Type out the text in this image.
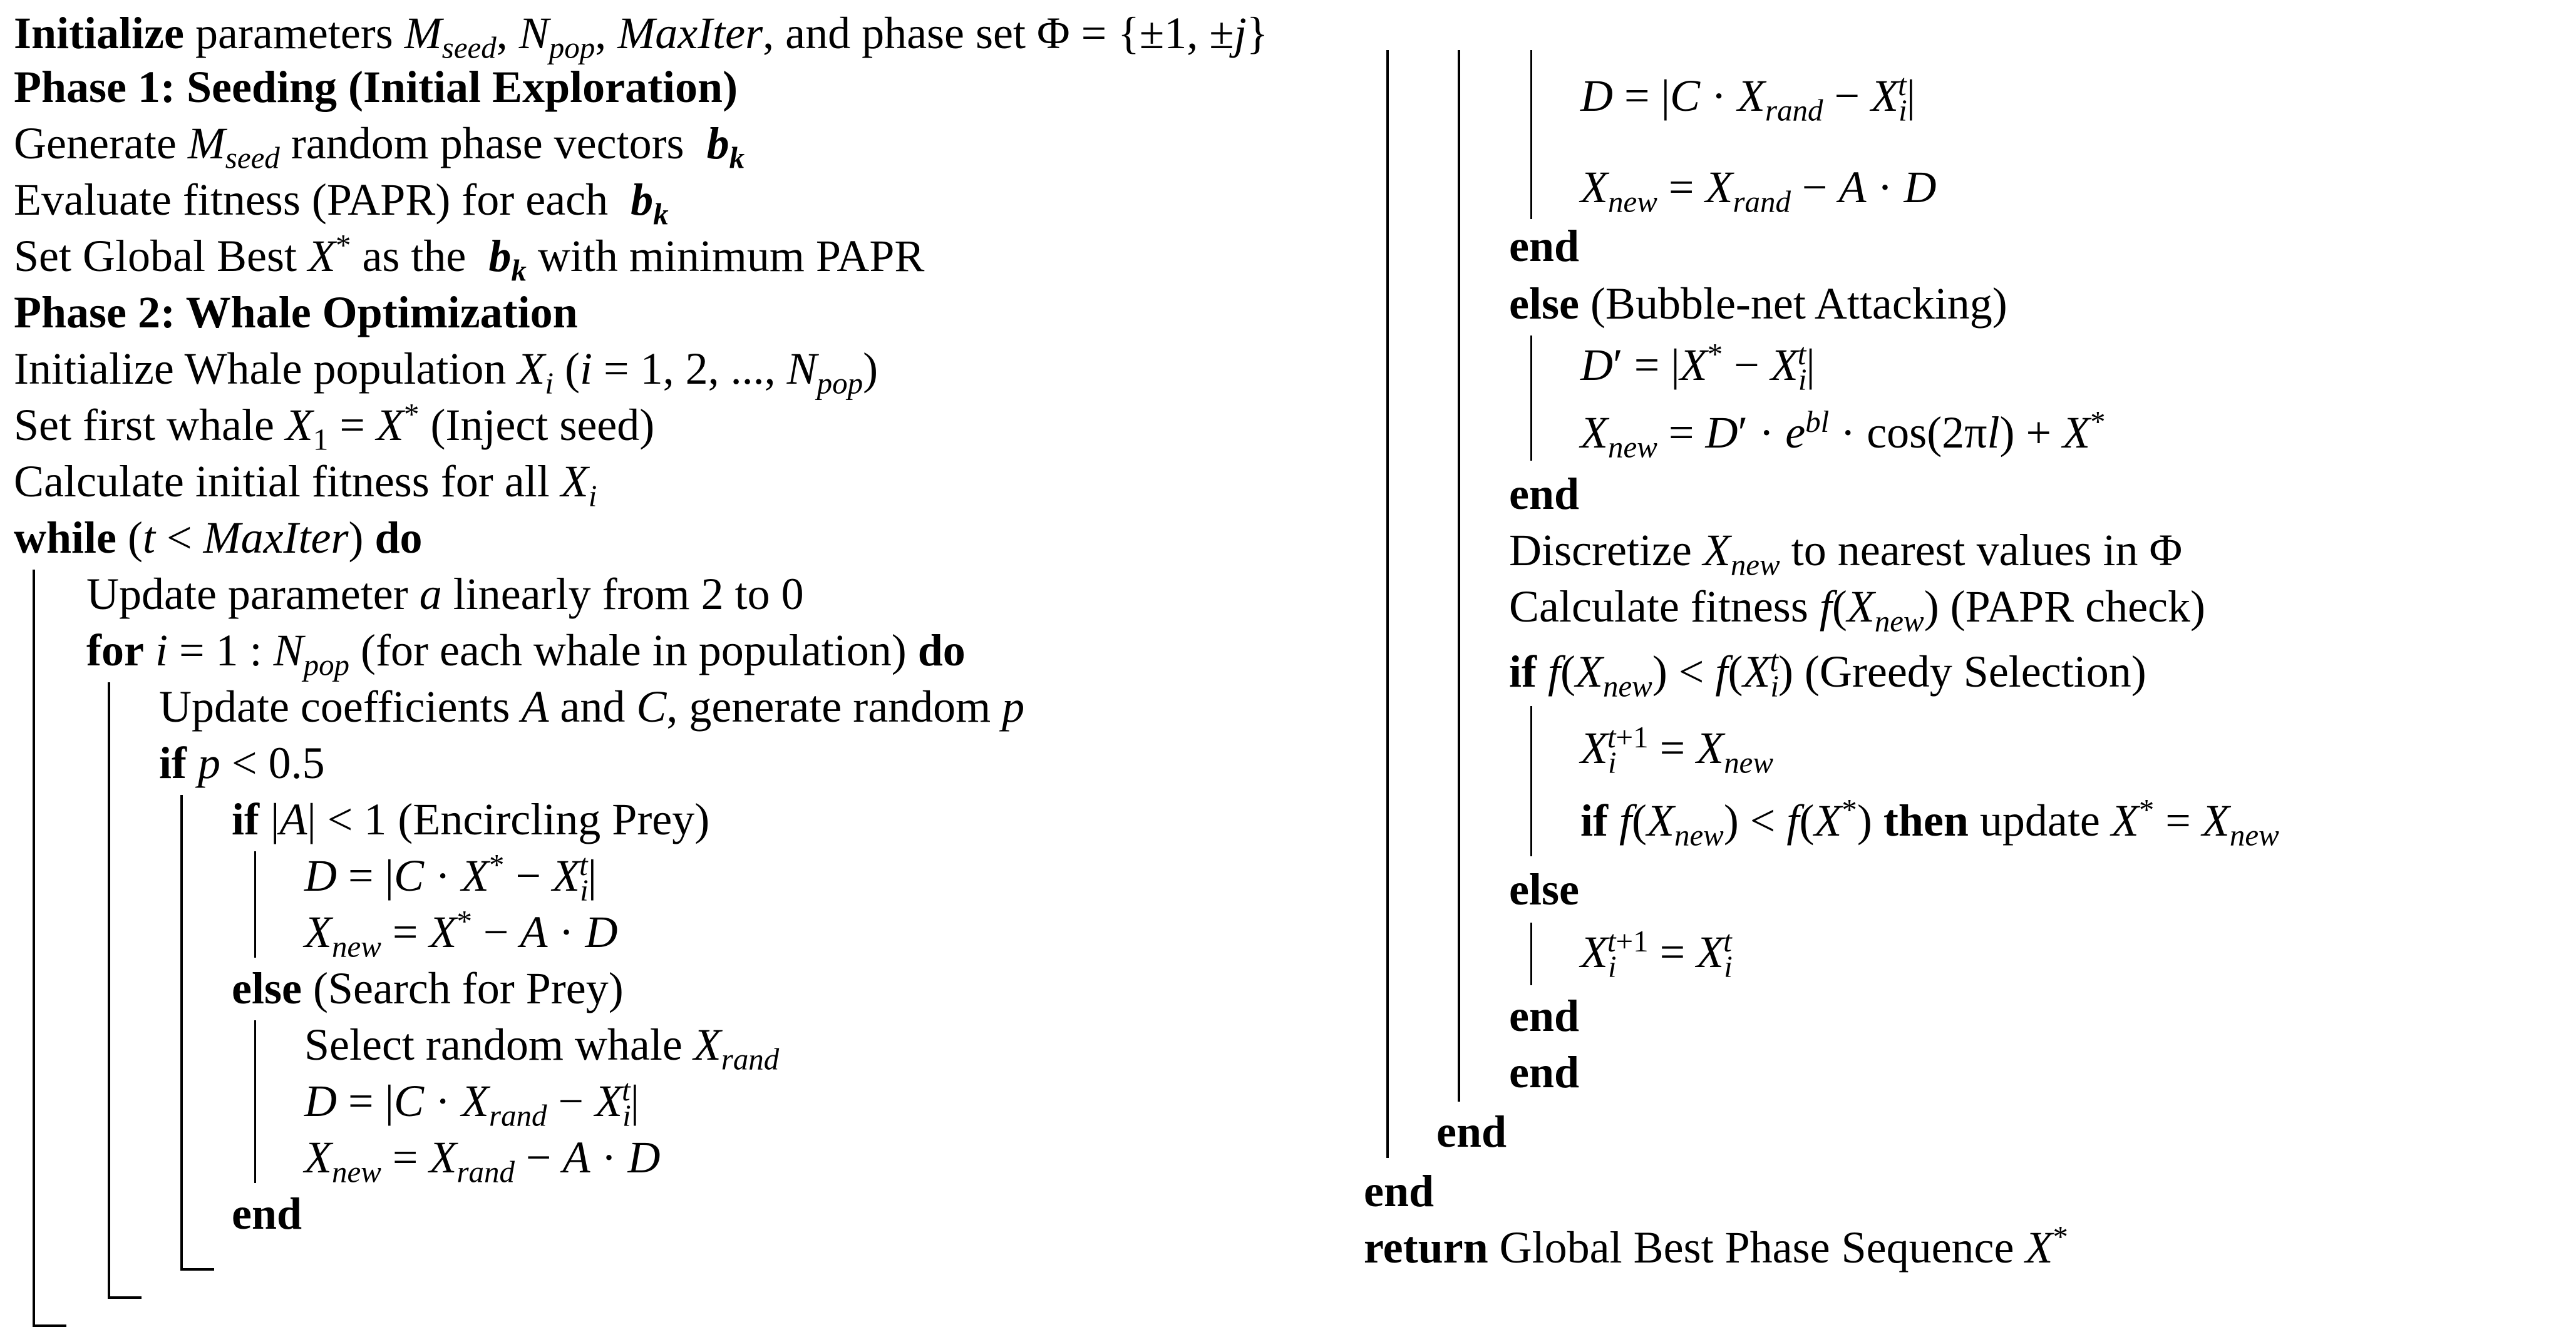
Initialize parameters $M_{seed}$, $N_{pop}$, MaxIter, and phase set Φ = {±1, ±j}
Phase 1: Seeding (Initial Exploration)
Generate $M_{seed}$ random phase vectors  $b_k$
Evaluate fitness (PAPR) for each  $b_k$
Set Global Best X* as the  $b_k$ with minimum PAPR
Phase 2: Whale Optimization
Initialize Whale population $X_i$ (i = 1, 2, ..., $N_{pop}$)
Set first whale $X_1 = X^*$ (Inject seed)
Calculate initial fitness for all $X_i$
while (t < MaxIter) do
Update parameter a linearly from 2 to 0
for i = 1 : $N_{pop}$ (for each whale in population) do
Update coefficients A and C, generate random p
if p < 0.5
if |A| < 1 (Encircling Prey)
$D = |C \cdot X^* - X_i^t|$
$X_{new} = X^* - A \cdot D$
else (Search for Prey)
Select random whale $X_{rand}$
$D = |C \cdot X_{rand} - X_i^t|$
$X_{new} = X_{rand} - A \cdot D$
end
$D = |C \cdot X_{rand} - X_i^t|$
$X_{new} = X_{rand} - A \cdot D$
end
else (Bubble-net Attacking)
$D' = |X^* - X_i^t|$
$X_{new} = D' \cdot e^{bl} \cdot \cos(2\pi l) + X^*$
end
Discretize $X_{new}$ to nearest values in Φ
Calculate fitness $f(X_{new})$ (PAPR check)
if $f(X_{new}) < f(X_i^t)$ (Greedy Selection)
$X_i^{t+1} = X_{new}$
if $f(X_{new}) < f(X^*)$ then update $X^* = X_{new}$
else
$X_i^{t+1} = X_i^t$
end
end
end
end
return Global Best Phase Sequence X*
